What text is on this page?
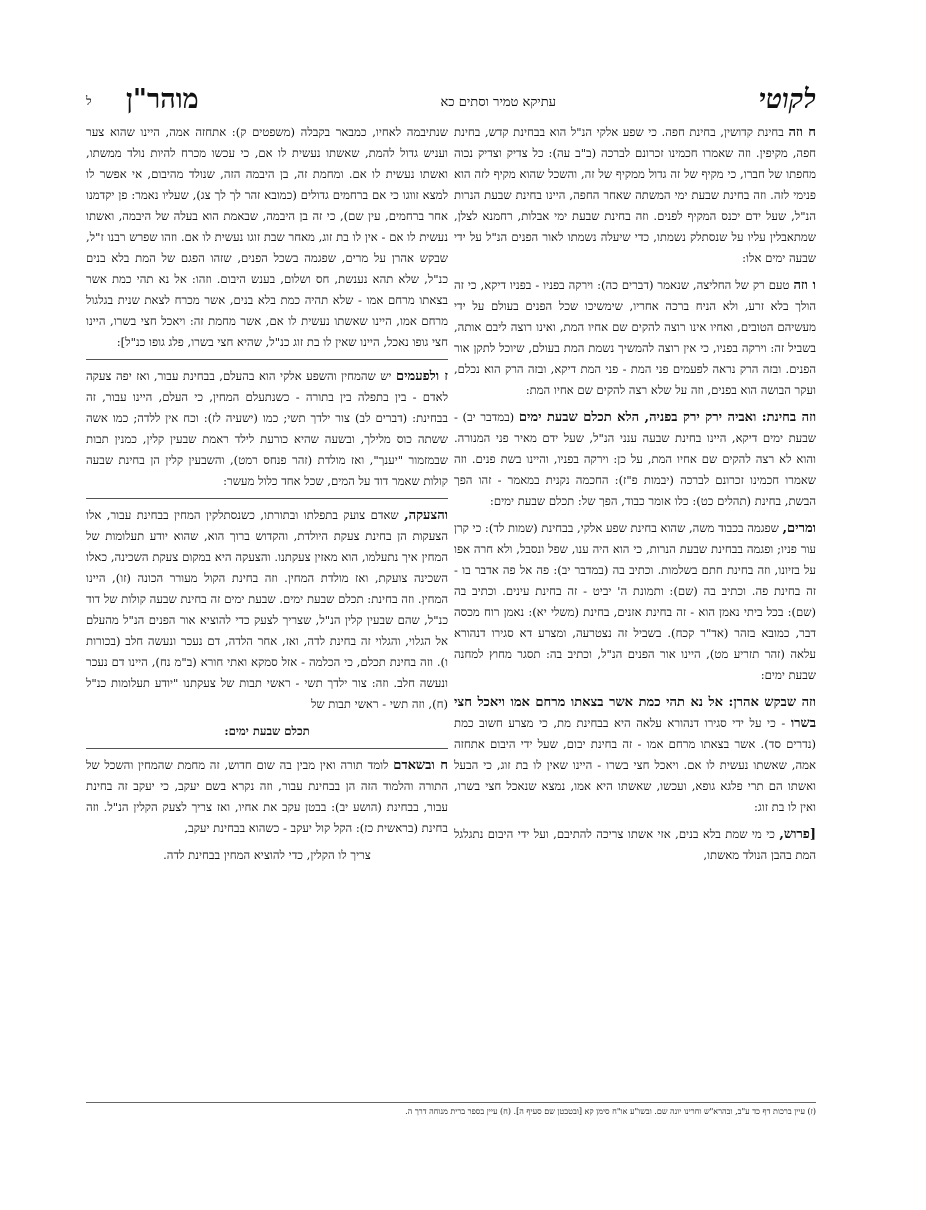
לקוטי
עתיקא טמיר וסתים כא
מוהר"ן
ל

ח וזה בחינת קדושין, בחינת חפה. כי שפע אלקי הנ"ל הוא בבחינת קדש, בחינת חפה, מקיפין. וזה שאמרו חכמינו זכרונם לברכה (ב"ב עה): כל צדיק וצדיק נכוה מחפתו של חברו, כי מקיף של זה גדול ממקיף של זה, והשכל שהוא מקיף לזה הוא פנימי לזה. וזה בחינת שבעת ימי המשתה שאחר החפה, היינו בחינת שבעת הנרות הנ"ל, שעל ידם יכנס המקיף לפנים. וזה בחינת שבעת ימי אבלות, רחמנא לצלן, שמתאבלין עליו על שנסתלק נשמתו, כדי שיעלה נשמתו לאור הפנים הנ"ל על ידי שבעה ימים אלו:

ו וזה טעם רק של החליצה, שנאמר (דברים כה): וירקה בפניו - בפניו דיקא, כי זה הולך בלא זרע, ולא הניח ברכה אחריו, שימשיכו שכל הפנים בעולם על ידי מעשיהם הטובים, ואחיו אינו רוצה להקים שם אחיו המת, ואינו רוצה ליבם אותה, בשביל זה: וירקה בפניו, כי אין רוצה להמשיך נשמת המת בעולם, שיוכל לתקן אור הפנים. ובזה הרק נראה לפעמים פני המת - פני המת דיקא, ובזה הרק הוא נכלם, ועקר הבושה הוא בפנים, וזה על שלא רצה להקים שם אחיו המת:

וזה בחינת: ואביה ירק ירק בפניה, הלא תכלם שבעת ימים (במדבר יב) - שבעת ימים דיקא, היינו בחינת שבעה ענני הנ"ל, שעל ידם מאיר פני המנורה. והוא לא רצה להקים שם אחיו המת, על כן: וירקה בפניו, והיינו בשת פנים. וזה שאמרו חכמינו זכרונם לברכה (יבמות פ"ז): החכמה נקנית במאמר - זהו הפך הבשת, בחינת (תהלים כט): כלו אומר כבוד, הפך של: תכלם שבעת ימים:

ומרים, שפגמה בכבוד משה, שהוא בחינת שפע אלקי, בבחינת (שמות לד): כי קרן עור פניו; ופגמה בבחינת שבעת הנרות, כי הוא היה ענו, שפל ונסבל, ולא חרה אפו על בזיונו, וזה בחינת חתם בשלמות. וכתיב בה (במדבר יב): פה אל פה אדבר בו - זה בחינת פה. וכתיב בה (שם): ותמונת ה' יביט - זה בחינת עינים. וכתיב בה (שם): בכל ביתי נאמן הוא - זה בחינת אזנים, בחינת (משלי יא): נאמן רוח מכסה דבר, כמובא בזהר (אד"ר קכח). בשביל זה נצטרעה, ומצרע דא סגירו דנהורא עלאה (זהר תזריע מט), היינו אור הפנים הנ"ל, וכתיב בה: תסגר מחוץ למחנה שבעת ימים:

וזה שבקש אהרן: אל נא תהי כמת אשר בצאתו מרחם אמו ויאכל חצי בשרו - כי על ידי סגירו דנהורא עלאה היא בבחינת מת, כי מצרע חשוב כמת (נדרים סד). אשר בצאתו מרחם אמו - זה בחינת יבום, שעל ידי היבום אתחזה אמה, שאשתו נעשית לו אם. ויאכל חצי בשרו - היינו שאין לו בת זוג, כי הבעל ואשתו הם תרי פלגא גופא, ועכשו, שאשתו היא אמו, נמצא שנאכל חצי בשרו, ואין לו בת זוג:

[פרוש, כי מי שמת בלא בנים, אזי אשתו צריכה להתיבם, ועל ידי היבום נתגלגל המת בהבן הנולד מאשתו,

שנתיבמה לאחיו, כמבאר בקבלה (משפטים ק): אתחזה אמה, היינו שהוא צער ועניש גדול להמת, שאשתו נעשית לו אם, כי עכשו מכרח להיות נולד ממשתו, ואשתו נעשית לו אם. ומחמת זה, בן היבמה הזה, שנולד מהיבום, אי אפשר לו למצא זווגו כי אם ברחמים גדולים (כמובא זהר לך לך צג), שעליו נאמר: פן יקדמנו אחר ברחמים, עין שם), כי זה בן היבמה, שבאמת הוא בעלה של היבמה, ואשתו נעשית לו אם - אין לו בת זוג, מאחר שבת זוגו נעשית לו אם. וזהו שפרש רבנו ז"ל, שבקש אהרן על מרים, שפגמה בשכל הפנים, שזהו הפגם של המת בלא בנים כנ"ל, שלא תהא נענשת, חס ושלום, בענש היבום. וזהו: אל נא תהי כמת אשר בצאתו מרחם אמו - שלא תהיה כמת בלא בנים, אשר מכרח לצאת שנית בגלגול מרחם אמו, היינו שאשתו נעשית לו אם, אשר מחמת זה: ויאכל חצי בשרו, היינו חצי גופו נאכל, היינו שאין לו בת זוג כנ"ל, שהיא חצי בשרו, פלג גופו כנ"ל]:

ז ולפעמים יש שהמחין והשפע אלקי הוא בהעלם, בבחינת עבור, ואז יפה צעקה לאדם - בין בתפלה בין בתורה - כשנתעלם המחין, כי העלם, היינו עבור, זה בבחינת: (דברים לב) צור ילדך תשי; כמו (ישעיה לז): וכח אין ללדה; כמו אשה ששתה כוס מלילך, ובשעה שהיא כורעת לילד ראמת שבעין קלין, כמנין תבות שבמזמור "יענך", ואז מולדת (זהר פנחס רמט), והשבעין קלין הן בחינת שבעה קולות שאמר דוד על המים, שכל אחד כלול מעשר:

והצעקה, שאדם צועק בתפלתו ובתורתו, כשנסתלקין המחין בבחינת עבור, אלו הצעקות הן בחינת צעקת היולדת, והקדוש ברוך הוא, שהוא יודע תעלומות של המחין איך נתעלמו, הוא מאזין צעקתנו. והצעקה היא במקום צעקת השכינה, כאלו השכינה צועקת, ואז מולדת המחין. וזה בחינת הקול מעורר הכונה (זו), היינו המחין. וזה בחינת: תכלם שבעת ימים. שבעת ימים זה בחינת שבעה קולות של דוד כנ"ל, שהם שבעין קלין הנ"ל, שצריך לצעק כדי להוציא אור הפנים הנ"ל מהעלם אל הגלוי, והגלוי זה בחינת לדה, ואז, אחר הלדה, דם נעכר ונעשה חלב (בכורות ו). וזה בחינת תכלם, כי הכלמה - אזל סמקא ואתי חורא (ב"מ נח), היינו דם נעכר ונעשה חלב. וזה: צור ילדך תשי - ראשי תבות של צעקתנו "יודע תעלומות כנ"ל (ח), וזה תשי - ראשי תבות של

תכלם שבעת ימים:

ח ובשאדם לומד תורה ואין מבין בה שום חדוש, זה מחמת שהמחין והשכל של התורה והלמוד הזה הן בבחינת עבור, וזה נקרא בשם יעקב, כי יעקב זה בחינת עבור, בבחינת (הושע יב): בבטן עקב את אחיו, ואז צריך לצעק הקלין הנ"ל. וזה בחינת (בראשית כז): הקל קול יעקב - כשהוא בבחינת יעקב,

צריך לו הקלין, כדי להוציא המחין בבחינת לדה.

(ז) עיין ברכות דף כד ע"ב, ובהרא"ש וחרינו יונה שם. ובשו"ע או"ח סימן קא [ובטבטן שם סעיף ה]. (ח) עיין בספר ברית מנוחה דרך ה.
